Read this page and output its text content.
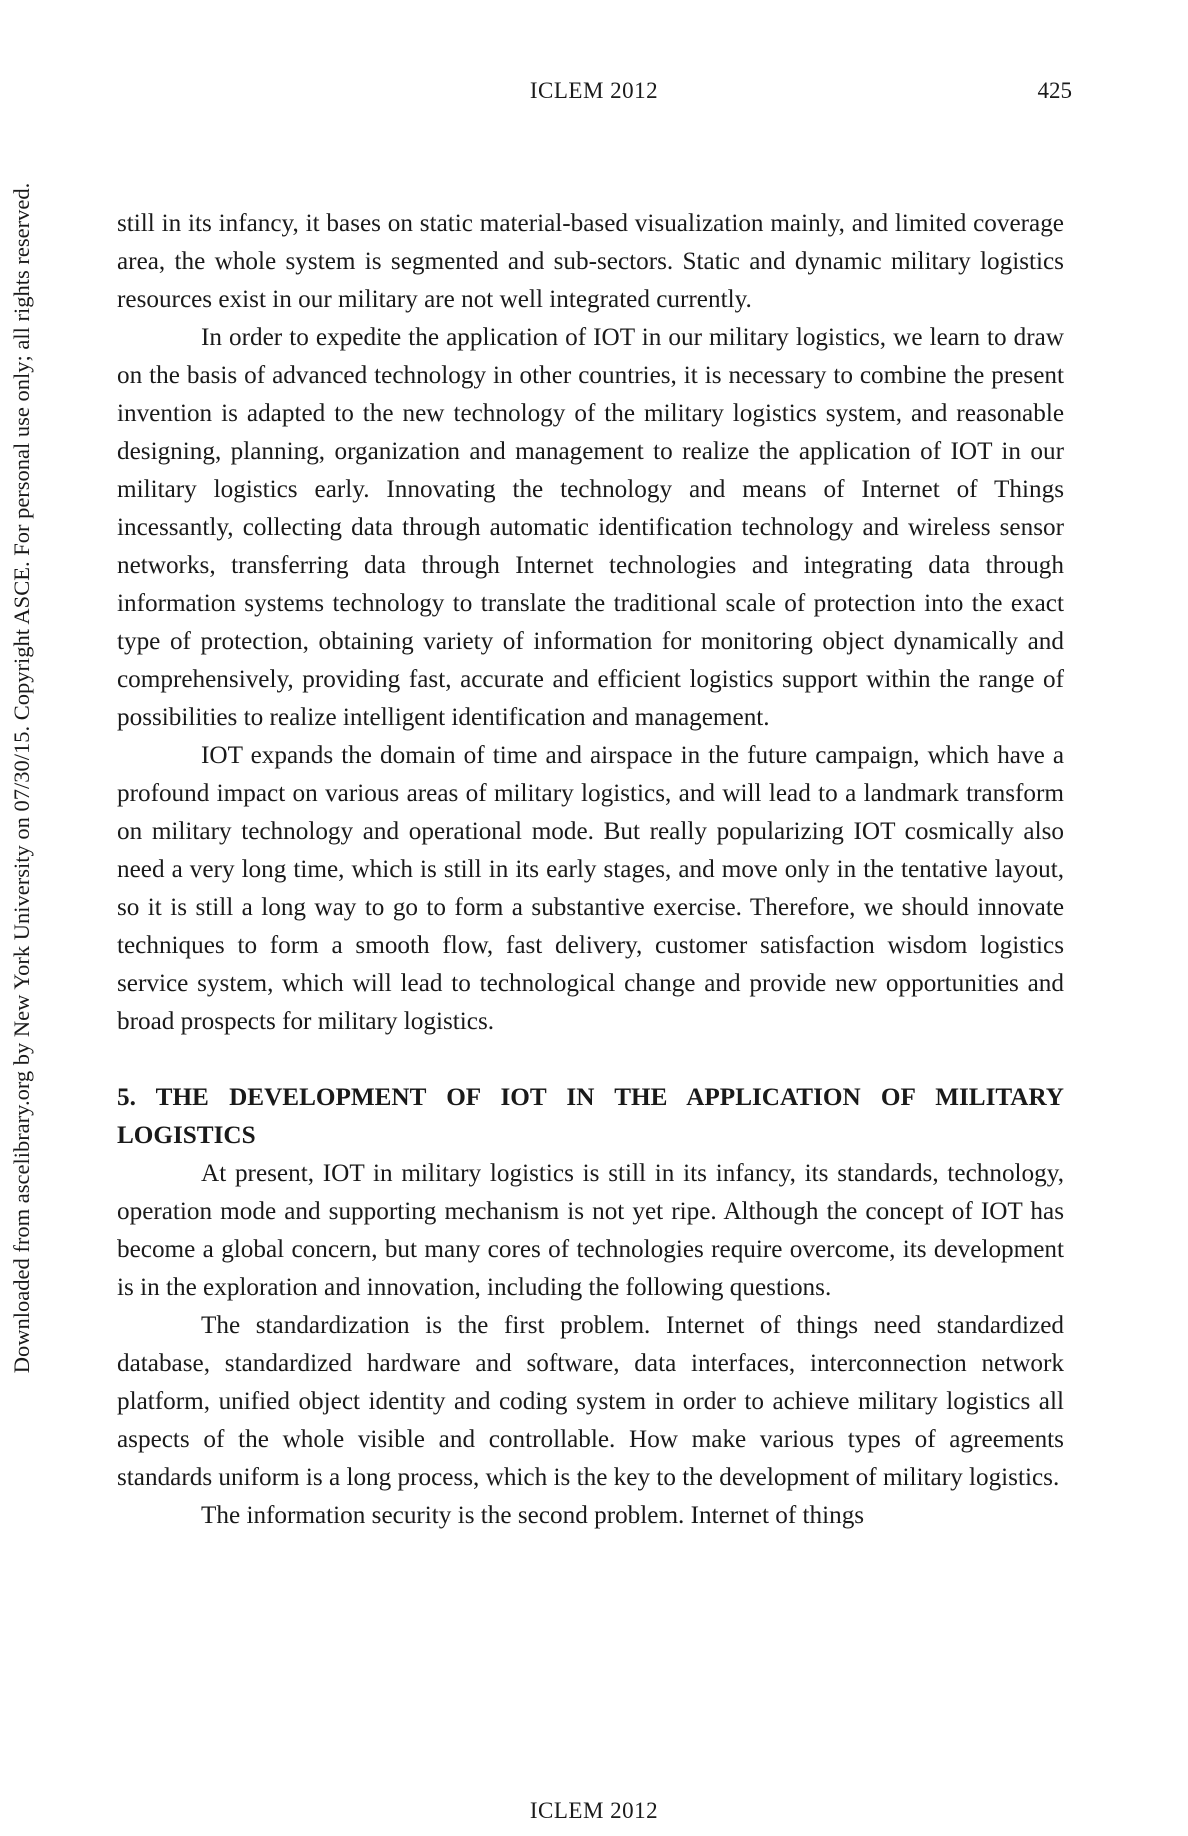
ICLEM 2012	425
Downloaded from ascelibrary.org by New York University on 07/30/15. Copyright ASCE. For personal use only; all rights reserved.	still in its infancy, it bases on static material-based visualization mainly, and limited coverage area, the whole system is segmented and sub-sectors. Static and dynamic military logistics resources exist in our military are not well integrated currently.

In order to expedite the application of IOT in our military logistics, we learn to draw on the basis of advanced technology in other countries, it is necessary to combine the present invention is adapted to the new technology of the military logistics system, and reasonable designing, planning, organization and management to realize the application of IOT in our military logistics early. Innovating the technology and means of Internet of Things incessantly, collecting data through automatic identification technology and wireless sensor networks, transferring data through Internet technologies and integrating data through information systems technology to translate the traditional scale of protection into the exact type of protection, obtaining variety of information for monitoring object dynamically and comprehensively, providing fast, accurate and efficient logistics support within the range of possibilities to realize intelligent identification and management.

IOT expands the domain of time and airspace in the future campaign, which have a profound impact on various areas of military logistics, and will lead to a landmark transform on military technology and operational mode. But really popularizing IOT cosmically also need a very long time, which is still in its early stages, and move only in the tentative layout, so it is still a long way to go to form a substantive exercise. Therefore, we should innovate techniques to form a smooth flow, fast delivery, customer satisfaction wisdom logistics service system, which will lead to technological change and provide new opportunities and broad prospects for military logistics.

5. THE DEVELOPMENT OF IOT IN THE APPLICATION OF MILITARY LOGISTICS

At present, IOT in military logistics is still in its infancy, its standards, technology, operation mode and supporting mechanism is not yet ripe. Although the concept of IOT has become a global concern, but many cores of technologies require overcome, its development is in the exploration and innovation, including the following questions.

The standardization is the first problem. Internet of things need standardized database, standardized hardware and software, data interfaces, interconnection network platform, unified object identity and coding system in order to achieve military logistics all aspects of the whole visible and controllable. How make various types of agreements standards uniform is a long process, which is the key to the development of military logistics.

The information security is the second problem. Internet of things

ICLEM 2012
